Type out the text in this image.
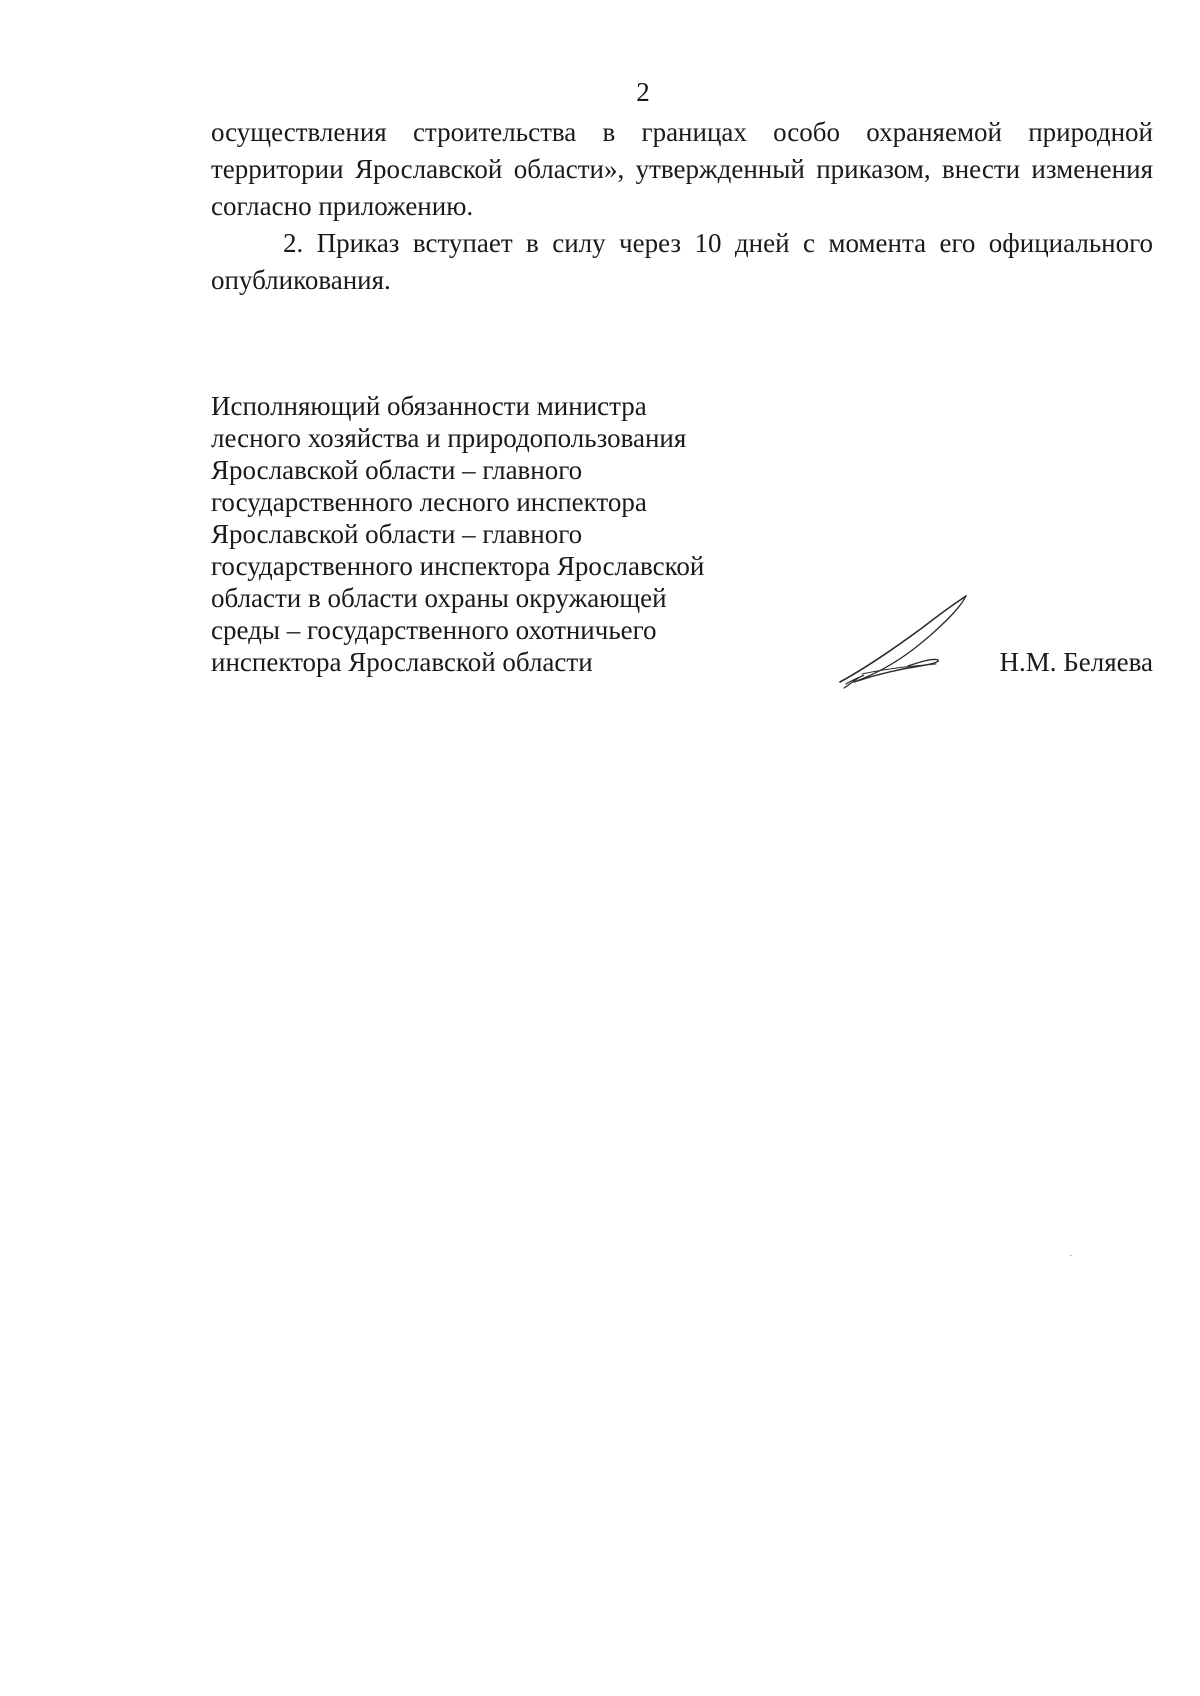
2

осуществления строительства в границах особо охраняемой природной территории Ярославской области», утвержденный приказом, внести изменения согласно приложению.

2. Приказ вступает в силу через 10 дней с момента его официального опубликования.

Исполняющий обязанности министра
лесного хозяйства и природопользования
Ярославской области – главного
государственного лесного инспектора
Ярославской области – главного
государственного инспектора Ярославской
области в области охраны окружающей
среды – государственного охотничьего
инспектора Ярославской области	Н.М. Беляева
